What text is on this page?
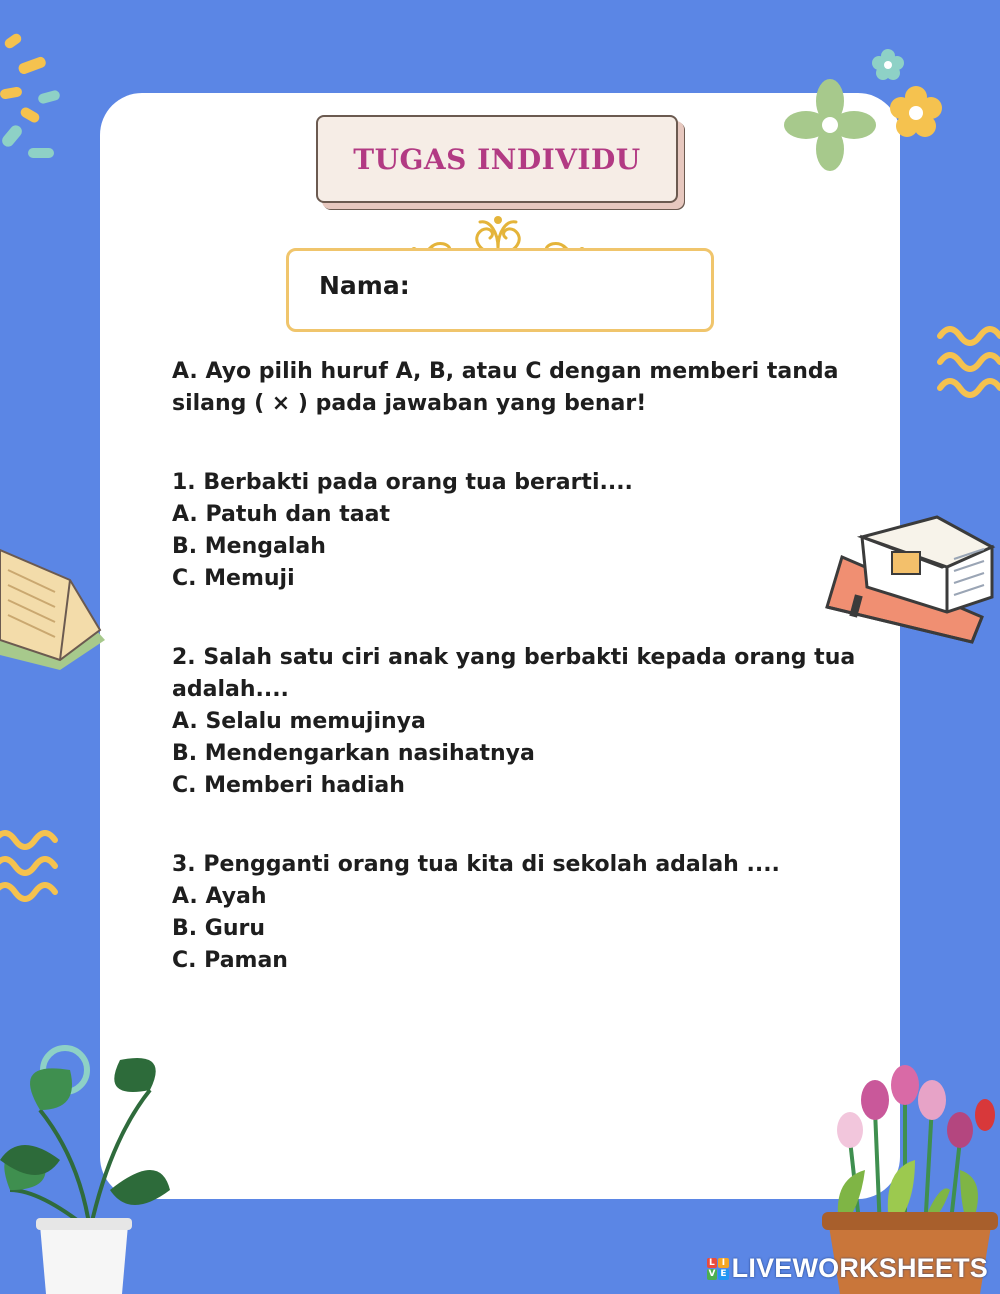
TUGAS INDIVIDU
Nama:

A. Ayo pilih huruf A, B, atau C dengan memberi tanda silang ( × ) pada jawaban yang benar!

1. Berbakti pada orang tua berarti....

A. Patuh dan taat

B. Mengalah

C. Memuji

2. Salah satu ciri anak yang berbakti kepada orang tua adalah....

A. Selalu memujinya

B. Mendengarkan nasihatnya

C. Memberi hadiah

3. Pengganti orang tua kita di sekolah adalah ....

A. Ayah

B. Guru

C. Paman

L I
V E LIVEWORKSHEETS
